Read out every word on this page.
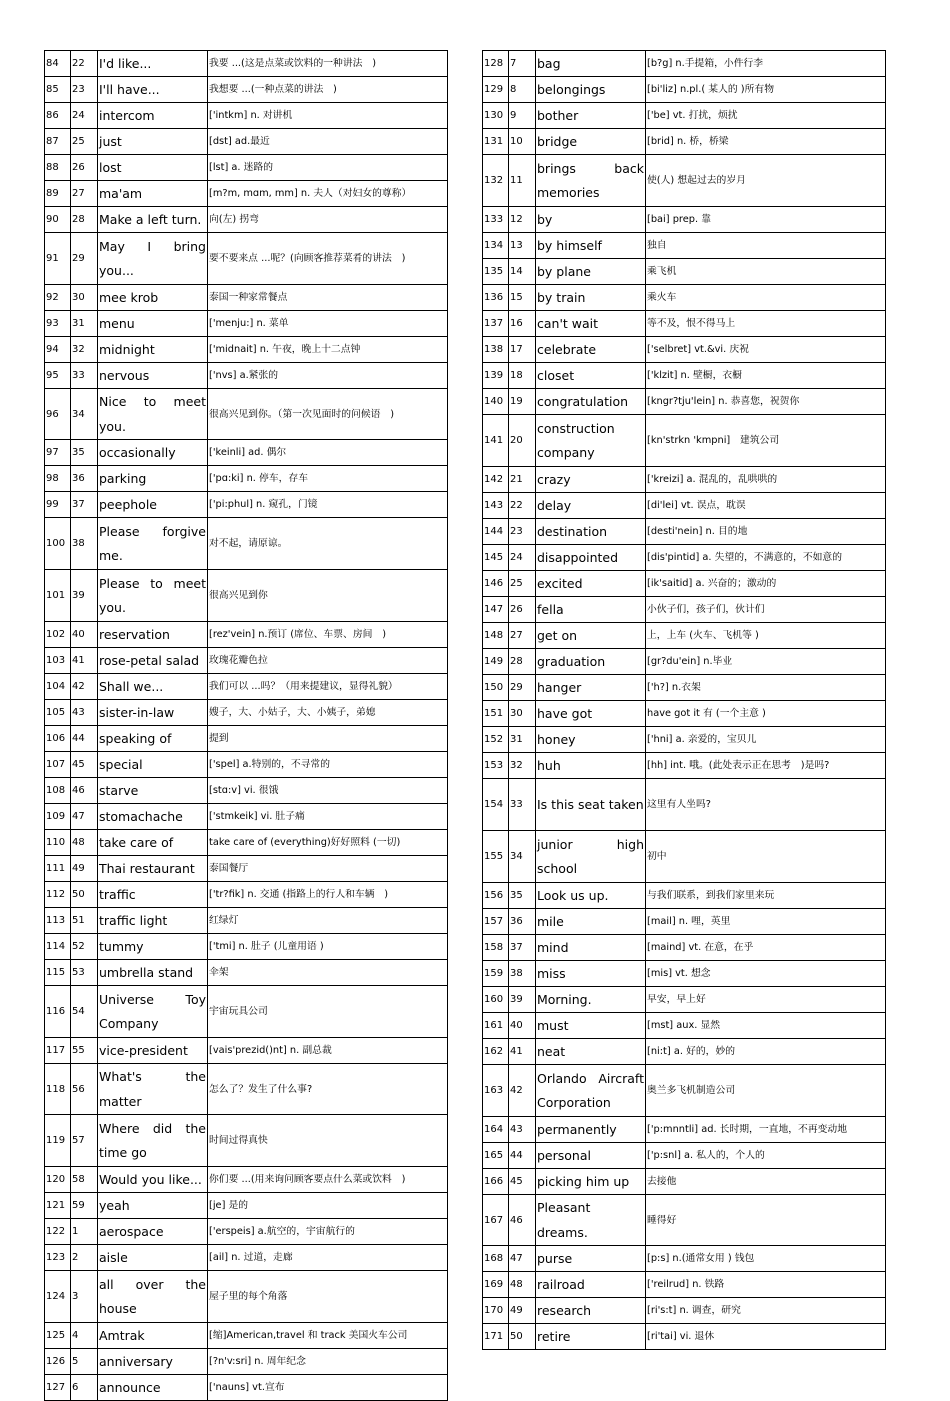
84	22	I'd like...	我要 ...(这是点菜或饮料的一种讲法　)
85	23	I'll have...	我想要 ...(一种点菜的讲法　)
86	24	intercom	['intkm] n. 对讲机
87	25	just	[dst] ad.最近
88	26	lost	[lst] a. 迷路的
89	27	ma'am	[m?m, mɑm, mm] n. 夫人（对妇女的尊称）
90	28	Make a left turn.	向(左) 拐弯
91	29	May I bring you...	要不要来点 ...呢？(向顾客推荐菜肴的讲法　)
92	30	mee krob	泰国一种家常餐点
93	31	menu	['menju:] n. 菜单
94	32	midnight	['midnait] n. 午夜，晚上十二点钟
95	33	nervous	['nvs] a.紧张的
96	34	Nice to meet you.	很高兴见到你。（第一次见面时的问候语　)
97	35	occasionally	['keinli] ad. 偶尔
98	36	parking	['pɑ:ki] n. 停车，存车
99	37	peephole	['pi:phul] n. 窥孔，门镜
100	38	Please forgive me.	对不起，请原谅。
101	39	Please to meet you.	很高兴见到你
102	40	reservation	[rez'vein] n.预订 (席位、车票、房间　)
103	41	rose-petal salad	玫瑰花瓣色拉
104	42	Shall we...	我们可以 ...吗？（用来提建议，显得礼貌）
105	43	sister-in-law	嫂子，大、小姑子，大、小姨子，弟媳
106	44	speaking of	提到
107	45	special	['spel] a.特别的，不寻常的
108	46	starve	[stɑ:v] vi. 很饿
109	47	stomachache	['stmkeik] vi. 肚子痛
110	48	take care of	take care of (everything)好好照料 (一切)
111	49	Thai restaurant	泰国餐厅
112	50	traffic	['tr?fik] n. 交通 (指路上的行人和车辆　)
113	51	traffic light	红绿灯
114	52	tummy	['tmi] n. 肚子 (儿童用语 )
115	53	umbrella stand	伞架
116	54	Universe Toy Company	宇宙玩具公司
117	55	vice-president	[vais'prezid()nt] n. 副总裁
118	56	What's the matter	怎么了？发生了什么事?
119	57	Where did the time go	时间过得真快
120	58	Would you like...	你们要 ...(用来询问顾客要点什么菜或饮料　)
121	59	yeah	[je] 是的
122	1	aerospace	['erspeis] a.航空的，宇宙航行的
123	2	aisle	[ail] n. 过道，走廊
124	3	all over the house	屋子里的每个角落
125	4	Amtrak	[缩]American,travel 和 track 美国火车公司
126	5	anniversary	[?n'v:sri] n. 周年纪念
127	6	announce	['nauns] vt.宣布
128	7	bag	[b?g] n.手提箱，小件行李
129	8	belongings	[bi'liz] n.pl.( 某人的 )所有物
130	9	bother	['be] vt. 打扰，烦扰
131	10	bridge	[brid] n. 桥，桥梁
132	11	brings back memories	使(人) 想起过去的岁月
133	12	by	[bai] prep. 靠
134	13	by himself	独自
135	14	by plane	乘飞机
136	15	by train	乘火车
137	16	can't wait	等不及，恨不得马上
138	17	celebrate	['selbret] vt.&vi. 庆祝
139	18	closet	['klzit] n. 壁橱，衣橱
140	19	congratulation	[kngr?tju'lein] n. 恭喜您，祝贺你
141	20	construction company	[kn'strkn 'kmpni]　建筑公司
142	21	crazy	['kreizi] a. 混乱的，乱哄哄的
143	22	delay	[di'lei] vt. 误点，耽误
144	23	destination	[desti'nein] n. 目的地
145	24	disappointed	[dis'pintid] a. 失望的，不满意的，不如意的
146	25	excited	[ik'saitid] a. 兴奋的；激动的
147	26	fella	小伙子们，孩子们，伙计们
148	27	get on	上，上车 (火车、飞机等 )
149	28	graduation	[gr?du'ein] n.毕业
150	29	hanger	['h?] n.衣架
151	30	have got	have got it 有 (一个主意 )
152	31	honey	['hni] a. 亲爱的，宝贝儿
153	32	huh	[hh] int. 哦。(此处表示正在思考　)是吗?
154	33	Is this seat taken	这里有人坐吗?
155	34	junior high school	初中
156	35	Look us up.	与我们联系，到我们家里来玩
157	36	mile	[mail] n. 哩，英里
158	37	mind	[maind] vt. 在意，在乎
159	38	miss	[mis] vt. 想念
160	39	Morning.	早安，早上好
161	40	must	[mst] aux. 显然
162	41	neat	[ni:t] a. 好的，妙的
163	42	Orlando Aircraft Corporation	奥兰多飞机制造公司
164	43	permanently	['p:mnntli] ad. 长时期，一直地，不再变动地
165	44	personal	['p:snl] a. 私人的，个人的
166	45	picking him up	去接他
167	46	Pleasant dreams.	睡得好
168	47	purse	[p:s] n.(通常女用 ) 钱包
169	48	railroad	['reilrud] n. 铁路
170	49	research	[ri's:t] n. 调查，研究
171	50	retire	[ri'tai] vi. 退休
